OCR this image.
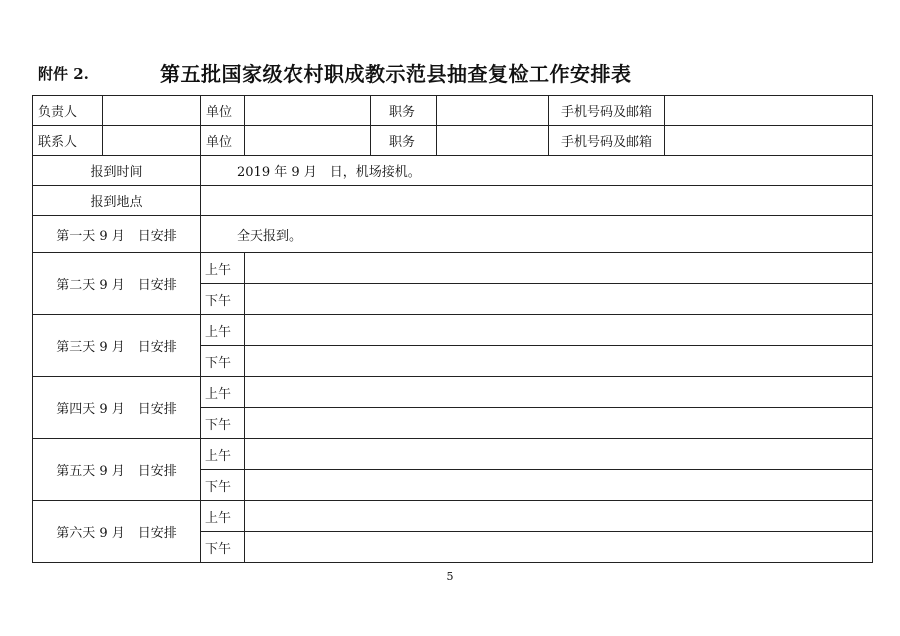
附件 2.	第五批国家级农村职成教示范县抽查复检工作安排表
负责人		单位		职务		手机号码及邮箱	
联系人		单位		职务		手机号码及邮箱	
报到时间		2019 年 9 月　日，机场接机。					
报到地点							
第一天 9 月　日安排		全天报到。					
第二天 9 月　日安排		上午					
		下午					
第三天 9 月　日安排		上午					
		下午					
第四天 9 月　日安排		上午					
		下午					
第五天 9 月　日安排		上午					
		下午					
第六天 9 月　日安排		上午					
		下午					
5
